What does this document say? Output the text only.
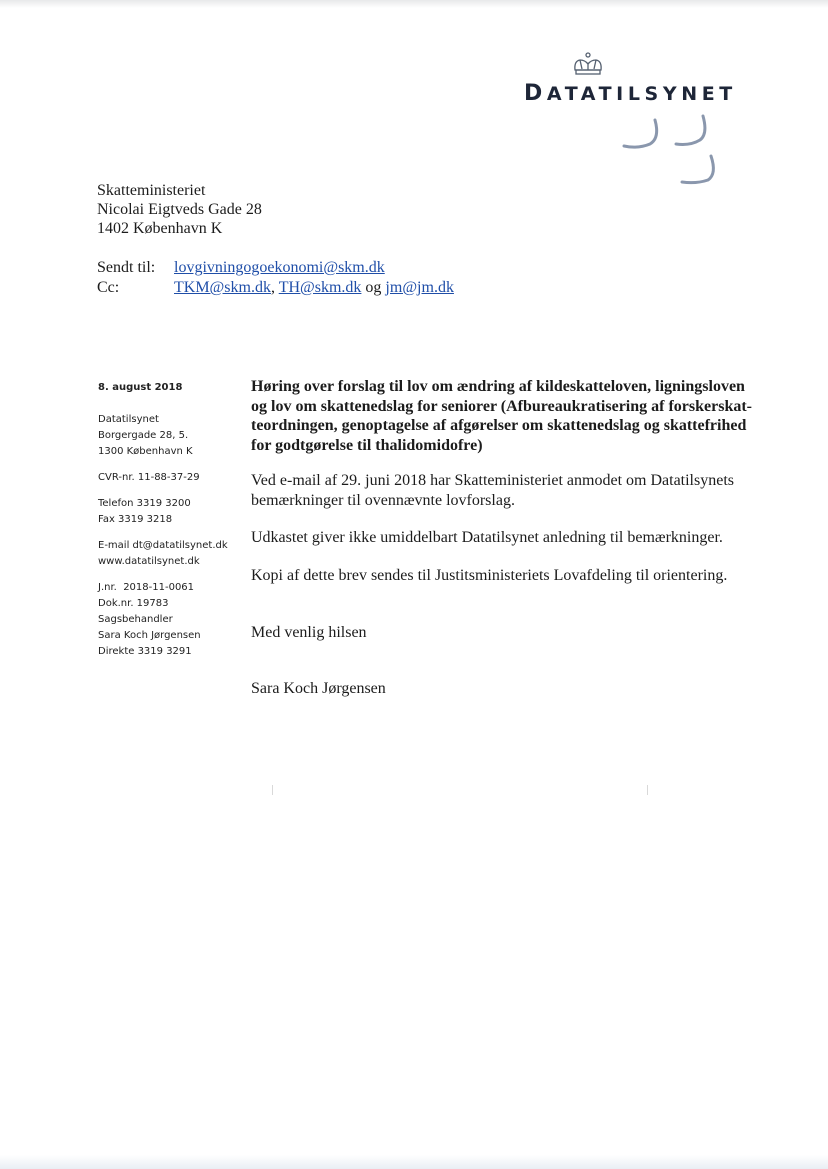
DATATILSYNET
Skatteministeriet
Nicolai Eigtveds Gade 28
1402 København K
Sendt til:	lovgivningogoekonomi@skm.dk
Cc:	TKM@skm.dk, TH@skm.dk og jm@jm.dk
8. august 2018
Datatilsynet
Borgergade 28, 5.
1300 København K
CVR-nr. 11-88-37-29
Telefon 3319 3200
Fax 3319 3218
E-mail dt@datatilsynet.dk
www.datatilsynet.dk
J.nr.  2018-11-0061
Dok.nr. 19783
Sagsbehandler
Sara Koch Jørgensen
Direkte 3319 3291
Høring over forslag til lov om ændring af kildeskatteloven, ligningsloven
og lov om skattenedslag for seniorer (Afbureaukratisering af forskerskat-
teordningen, genoptagelse af afgørelser om skattenedslag og skattefrihed
for godtgørelse til thalidomidofre)
Ved e-mail af 29. juni 2018 har Skatteministeriet anmodet om Datatilsynets
bemærkninger til ovennævnte lovforslag.
Udkastet giver ikke umiddelbart Datatilsynet anledning til bemærkninger.
Kopi af dette brev sendes til Justitsministeriets Lovafdeling til orientering.
Med venlig hilsen
Sara Koch Jørgensen
